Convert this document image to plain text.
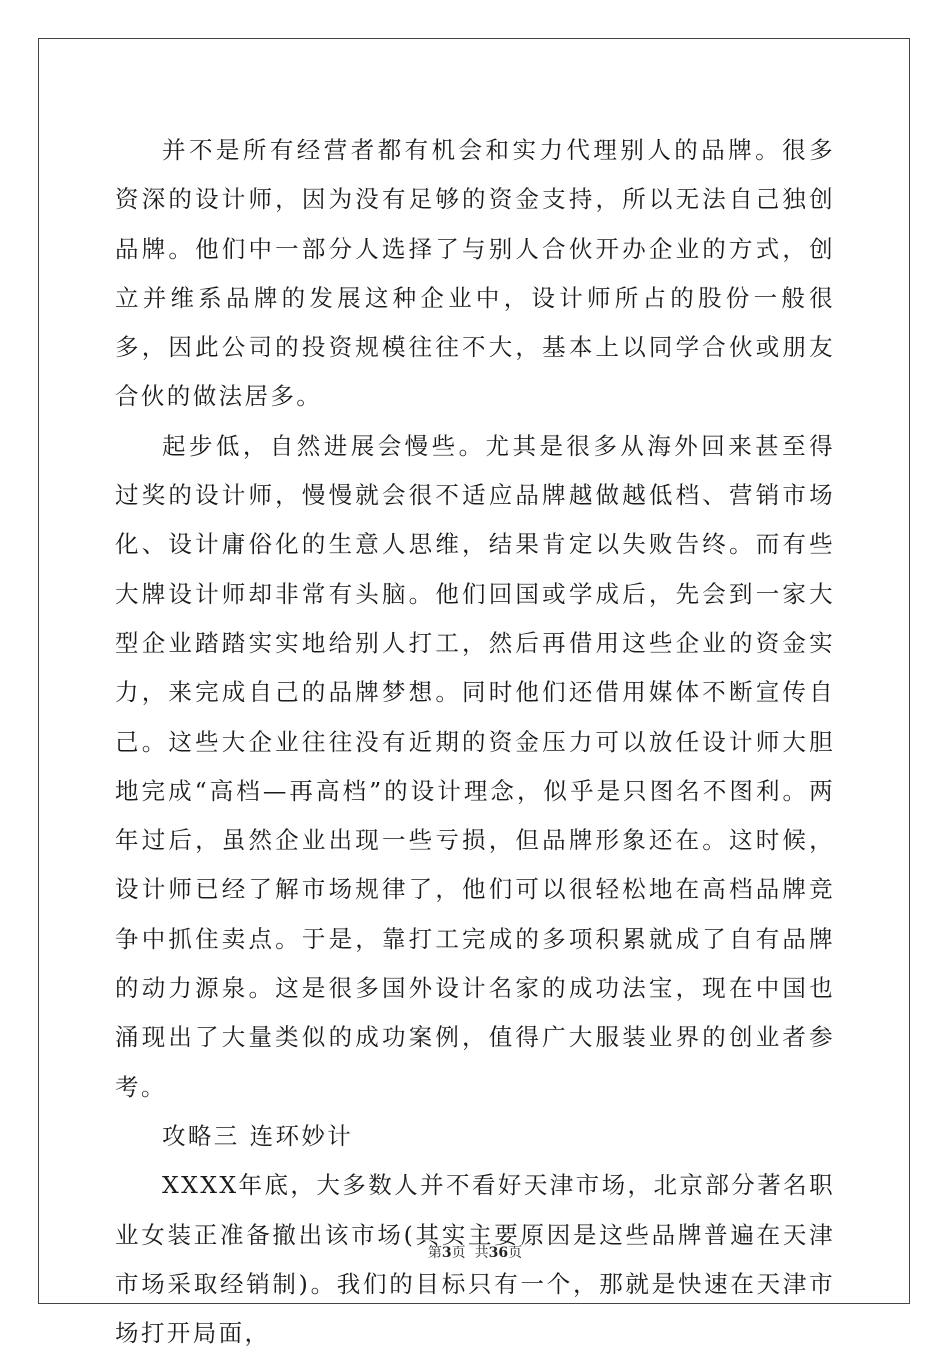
并不是所有经营者都有机会和实力代理别人的品牌。很多资深的设计师，因为没有足够的资金支持，所以无法自己独创品牌。他们中一部分人选择了与别人合伙开办企业的方式，创立并维系品牌的发展这种企业中，设计师所占的股份一般很多，因此公司的投资规模往往不大，基本上以同学合伙或朋友合伙的做法居多。

起步低，自然进展会慢些。尤其是很多从海外回来甚至得过奖的设计师，慢慢就会很不适应品牌越做越低档、营销市场化、设计庸俗化的生意人思维，结果肯定以失败告终。而有些大牌设计师却非常有头脑。他们回国或学成后，先会到一家大型企业踏踏实实地给别人打工，然后再借用这些企业的资金实力，来完成自己的品牌梦想。同时他们还借用媒体不断宣传自己。这些大企业往往没有近期的资金压力可以放任设计师大胆地完成“高档—再高档”的设计理念，似乎是只图名不图利。两年过后，虽然企业出现一些亏损，但品牌形象还在。这时候，设计师已经了解市场规律了，他们可以很轻松地在高档品牌竞争中抓住卖点。于是，靠打工完成的多项积累就成了自有品牌的动力源泉。这是很多国外设计名家的成功法宝，现在中国也涌现出了大量类似的成功案例，值得广大服装业界的创业者参考。

攻略三 连环妙计

XXXX年底，大多数人并不看好天津市场，北京部分著名职业女装正准备撤出该市场(其实主要原因是这些品牌普遍在天津市场采取经销制)。我们的目标只有一个，那就是快速在天津市场打开局面，

第3页  共36页
